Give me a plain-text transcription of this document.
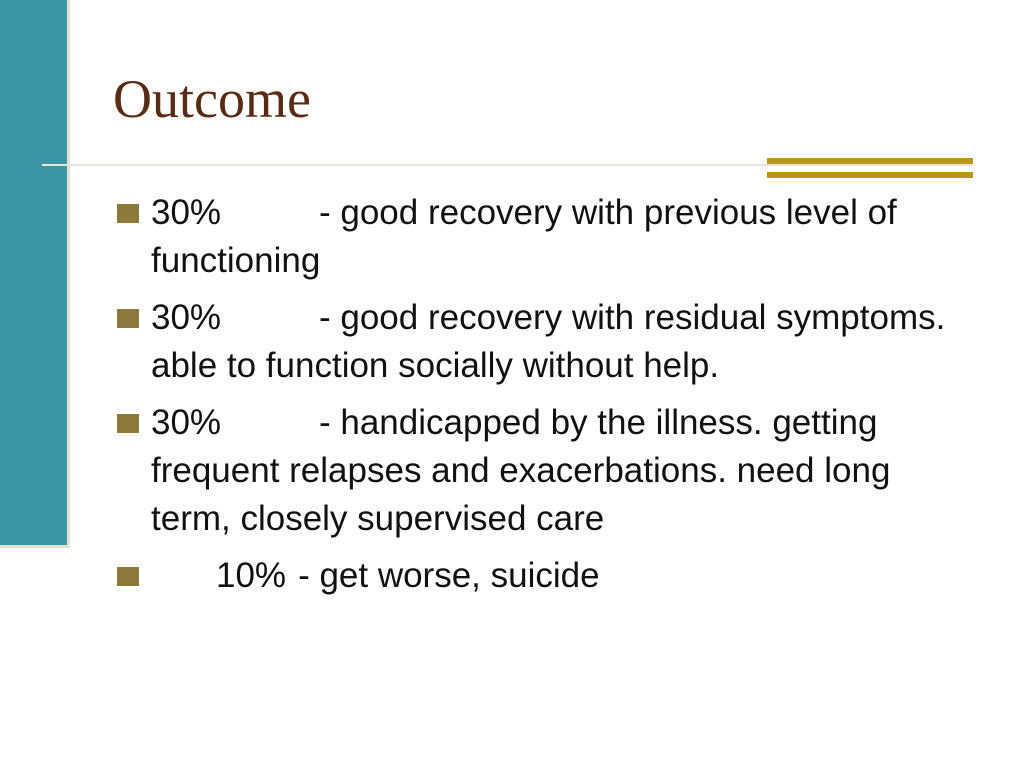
Outcome
30%	- good recovery with previous level of functioning
30%	- good recovery with residual symptoms. able to function socially without help.
30%	- handicapped by the illness. getting frequent relapses and exacerbations. need long term, closely supervised care
10% - get worse, suicide
